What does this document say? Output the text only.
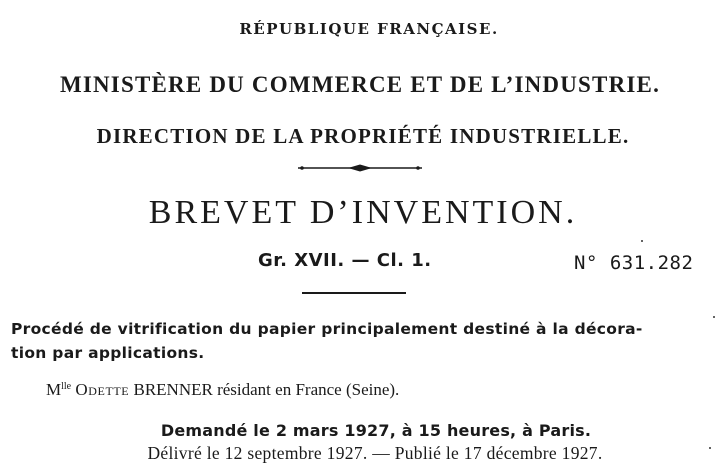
RÉPUBLIQUE FRANÇAISE.
MINISTÈRE DU COMMERCE ET DE L’INDUSTRIE.
DIRECTION DE LA PROPRIÉTÉ INDUSTRIELLE.
BREVET D’INVENTION.
Gr. XVII. — Cl. 1.	N° 631.282
Procédé de vitrification du papier principalement destiné à la décora-
tion par applications.
$M^{lle}$ Odette BRENNER résidant en France (Seine).
Demandé le 2 mars 1927, à 15 heures, à Paris.
Délivré le 12 septembre 1927. — Publié le 17 décembre 1927.
